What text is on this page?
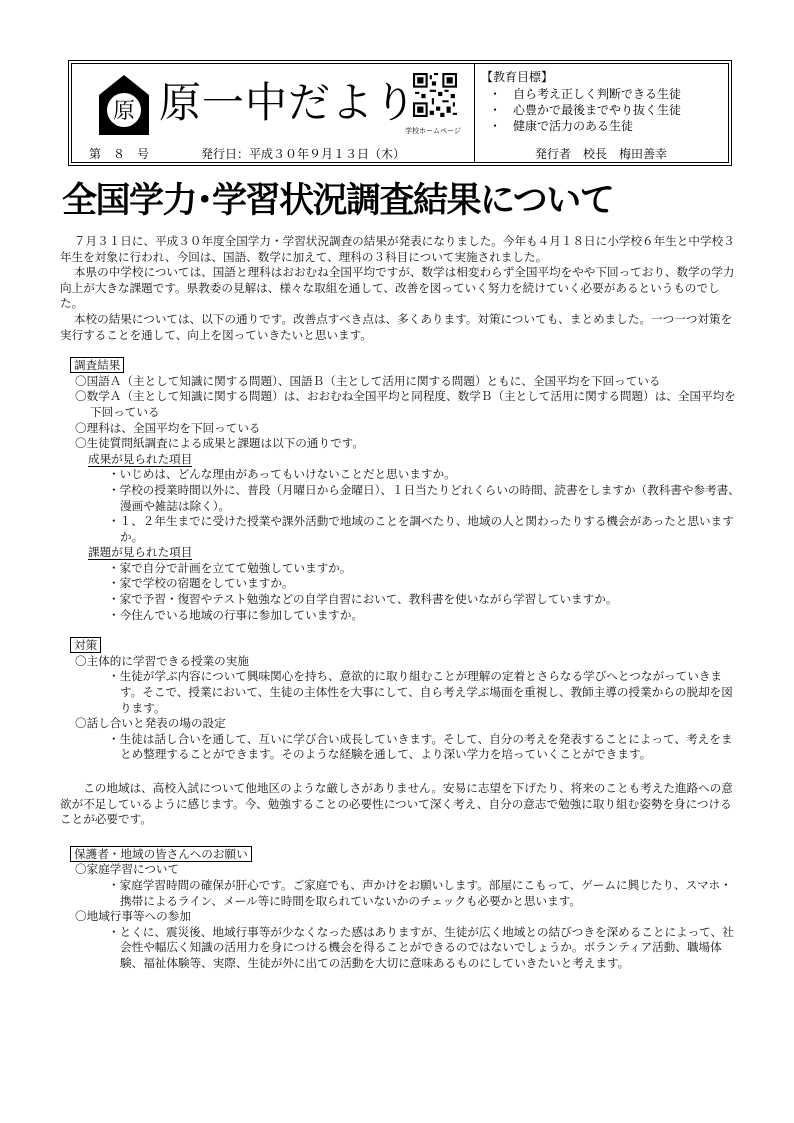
原 原一中だより
学校ホームページ
第　８　号	発行日：平成３０年９月１３日（木）
【教育目標】
・　自ら考え正しく判断できる生徒
・　心豊かで最後までやり抜く生徒
・　健康で活力のある生徒
発行者　校長　梅田善幸
全国学力･学習状況調査結果について

７月３１日に、平成３０年度全国学力・学習状況調査の結果が発表になりました。今年も４月１８日に小学校６年生と中学校３年生を対象に行われ、今回は、国語、数学に加えて、理科の３科目について実施されました。

本県の中学校については、国語と理科はおおむね全国平均ですが、数学は相変わらず全国平均をやや下回っており、数学の学力向上が大きな課題です。県教委の見解は、様々な取組を通して、改善を図っていく努力を続けていく必要があるというものでした。

本校の結果については、以下の通りです。改善点すべき点は、多くあります。対策についても、まとめました。一つ一つ対策を実行することを通して、向上を図っていきたいと思います。

調査結果

〇国語Ａ（主として知識に関する問題）、国語Ｂ（主として活用に関する問題）ともに、全国平均を下回っている

〇数学Ａ（主として知識に関する問題）は、おおむね全国平均と同程度、数学Ｂ（主として活用に関する問題）は、全国平均を下回っている

〇理科は、全国平均を下回っている

〇生徒質問紙調査による成果と課題は以下の通りです。

成果が見られた項目

・いじめは、どんな理由があってもいけないことだと思いますか。

・学校の授業時間以外に、普段（月曜日から金曜日）、１日当たりどれくらいの時間、読書をしますか（教科書や参考書、漫画や雑誌は除く）。

・１、２年生までに受けた授業や課外活動で地域のことを調べたり、地域の人と関わったりする機会があったと思いますか。

課題が見られた項目

・家で自分で計画を立てて勉強していますか。

・家で学校の宿題をしていますか。

・家で予習・復習やテスト勉強などの自学自習において、教科書を使いながら学習していますか。

・今住んでいる地域の行事に参加していますか。

対策

〇主体的に学習できる授業の実施

・生徒が学ぶ内容について興味関心を持ち、意欲的に取り組むことが理解の定着とさらなる学びへとつながっていきます。そこで、授業において、生徒の主体性を大事にして、自ら考え学ぶ場面を重視し、教師主導の授業からの脱却を図ります。

〇話し合いと発表の場の設定

・生徒は話し合いを通して、互いに学び合い成長していきます。そして、自分の考えを発表することによって、考えをまとめ整理することができます。そのような経験を通して、より深い学力を培っていくことができます。

この地域は、高校入試について他地区のような厳しさがありません。安易に志望を下げたり、将来のことも考えた進路への意欲が不足しているように感じます。今、勉強することの必要性について深く考え、自分の意志で勉強に取り組む姿勢を身につけることが必要です。

保護者・地域の皆さんへのお願い

〇家庭学習について

・家庭学習時間の確保が肝心です。ご家庭でも、声かけをお願いします。部屋にこもって、ゲームに興じたり、スマホ・携帯によるライン、メール等に時間を取られていないかのチェックも必要かと思います。

〇地域行事等への参加

・とくに、震災後、地域行事等が少なくなった感はありますが、生徒が広く地域との結びつきを深めることによって、社会性や幅広く知識の活用力を身につける機会を得ることができるのではないでしょうか。ボランティア活動、職場体験、福祉体験等、実際、生徒が外に出ての活動を大切に意味あるものにしていきたいと考えます。
